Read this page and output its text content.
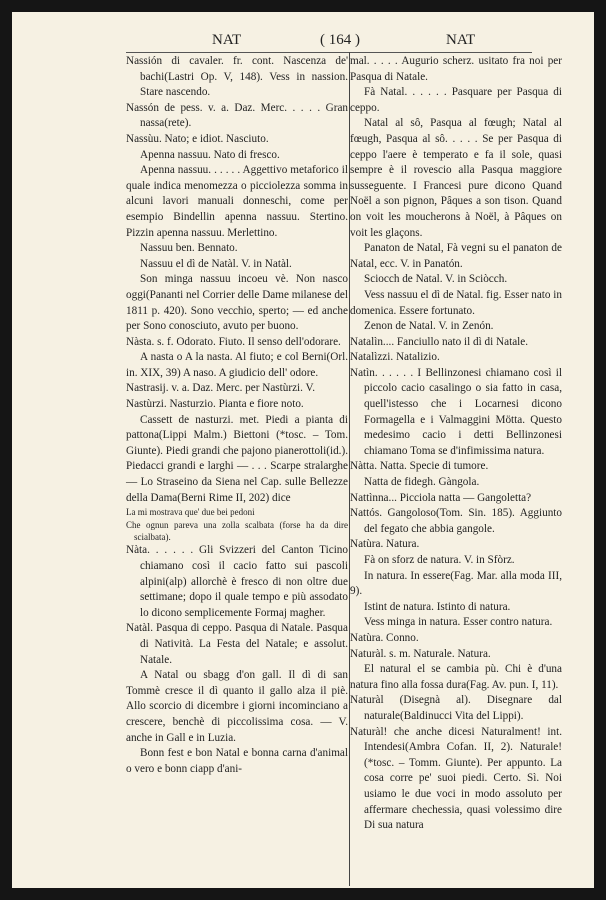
NAT	( 164 )	NAT

Nassión di cavaler. fr. cont. Nascenza de' bachi(Lastri Op. V, 148). Vess in nassion. Stare nascendo.

Nassón de pess. v. a. Daz. Merc. . . . . Gran nassa(rete).

Nassùu. Nato; e idiot. Nasciuto.

Apenna nassuu. Nato di fresco.

Apenna nassuu. . . . . . Aggettivo metaforico il quale indica menomezza o picciolezza somma in alcuni lavori manuali donneschi, come per esempio Bindellin apenna nassuu. Stertino. Pizzin apenna nassuu. Merlettino.

Nassuu ben. Bennato.

Nassuu el dì de Natàl. V. in Natàl.

Son minga nassuu incoeu vè. Non nasco oggi(Pananti nel Corrier delle Dame milanese del 1811 p. 420). Sono vecchio, sperto; — ed anche per Sono conosciuto, avuto per buono.

Nàsta. s. f. Odorato. Fiuto. Il senso dell'odorare.

A nasta o A la nasta. Al fiuto; e col Berni(Orl. in. XIX, 39) A naso. A giudicio dell' odore.

Nastrasij. v. a. Daz. Merc. per Nastùrzi. V.

Nastùrzi. Nasturzio. Pianta e fiore noto.

Cassett de nasturzi. met. Piedi a pianta di pattona(Lippi Malm.) Biettoni (*tosc. – Tom. Giunte). Piedi grandi che pajono pianerottoli(id.). Piedacci grandi e larghi — . . . Scarpe stralarghe — Lo Straseino da Siena nel Cap. sulle Bellezze della Dama(Berni Rime II, 202) dice

La mi mostrava que' due bei pedoni

Che ognun pareva una zolla scalbata (forse ha da dire scialbata).

Nàta. . . . . . Gli Svizzeri del Canton Ticino chiamano così il cacio fatto sui pascoli alpini(alp) allorchè è fresco di non oltre due settimane; dopo il quale tempo e più assodato lo dicono semplicemente Formaj magher.

Natàl. Pasqua di ceppo. Pasqua di Natale. Pasqua di Natività. La Festa del Natale; e assolut. Natale.

A Natal ou sbagg d'on gall. Il dì di san Tommè cresce il dì quanto il gallo alza il piè. Allo scorcio di dicembre i giorni incominciano a crescere, benchè di piccolissima cosa. — V. anche in Gall e in Luzia.

Bonn fest e bon Natal e bonna carna d'animal o vero e bonn ciapp d'ani-

mal. . . . . Augurio scherz. usitato fra noi per Pasqua di Natale.

Fà Natal. . . . . . Pasquare per Pasqua di ceppo.

Natal al sô, Pasqua al fœugh; Natal al fœugh, Pasqua al sô. . . . . Se per Pasqua di ceppo l'aere è temperato e fa il sole, quasi sempre è il rovescio alla Pasqua maggiore susseguente. I Francesi pure dicono Quand Noël a son pignon, Pâques a son tison. Quand on voit les moucherons à Noël, à Pâques on voit les glaçons.

Panaton de Natal, Fà vegni su el panaton de Natal, ecc. V. in Panatón.

Sciocch de Natal. V. in Sciòcch.

Vess nassuu el dì de Natal. fig. Esser nato in domenica. Essere fortunato.

Zenon de Natal. V. in Zenón.

Natalìn.... Fanciullo nato il dì di Natale.

Natalìzzi. Natalizio.

Natìn. . . . . . I Bellinzonesi chiamano così il piccolo cacio casalingo o sia fatto in casa, quell'istesso che i Locarnesi dicono Formagella e i Valmaggini Mötta. Questo medesimo cacio i detti Bellinzonesi chiamano Toma se d'infimissima natura.

Nàtta. Natta. Specie di tumore.

Natta de fidegh. Gàngola.

Nattìnna... Picciola natta — Gangoletta?

Nattós. Gangoloso(Tom. Sin. 185). Aggiunto del fegato che abbia gangole.

Natùra. Natura.

Fà on sforz de natura. V. in Sfòrz.

In natura. In essere(Fag. Mar. alla moda III, 9).

Istint de natura. Istinto di natura.

Vess minga in natura. Esser contro natura.

Natùra. Conno.

Naturàl. s. m. Naturale. Natura.

El natural el se cambia pù. Chi è d'una natura fino alla fossa dura(Fag. Av. pun. I, 11).

Naturàl (Disegnà al). Disegnare dal naturale(Baldinucci Vita del Lippi).

Naturàl! che anche dicesi Naturalment! int. Intendesi(Ambra Cofan. II, 2). Naturale!(*tosc. – Tomm. Giunte). Per appunto. La cosa corre pe' suoi piedi. Certo. Sì. Noi usiamo le due voci in modo assoluto per affermare chechessia, quasi volessimo dire Di sua natura
